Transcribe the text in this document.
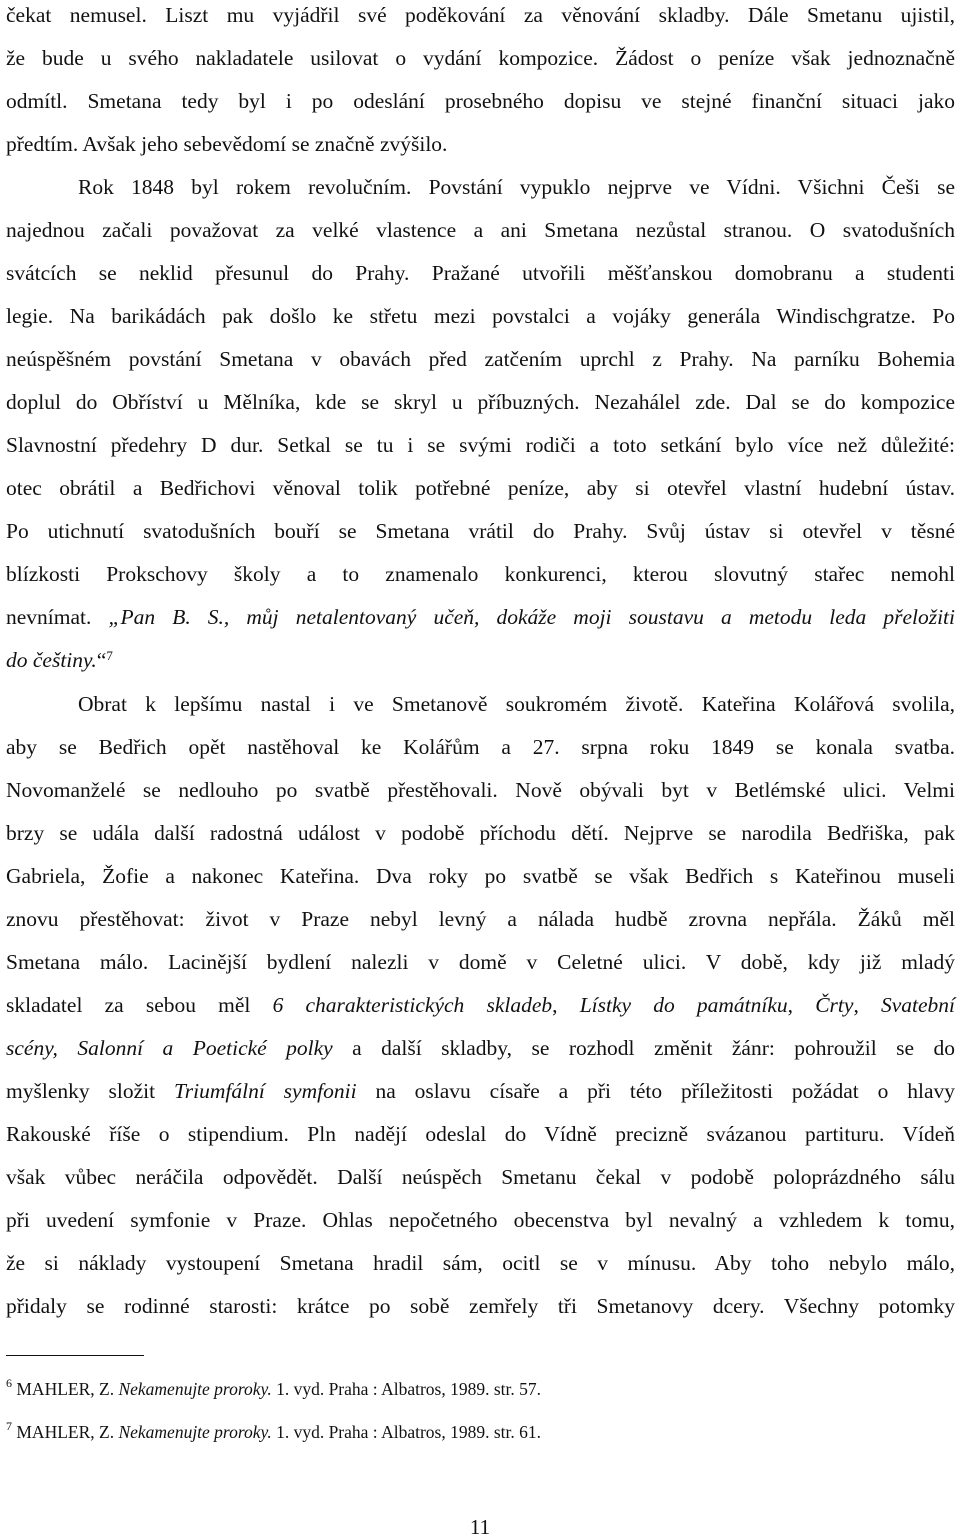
čekat nemusel. Liszt mu vyjádřil své poděkování za věnování skladby. Dále Smetanu ujistil,
že bude u svého nakladatele usilovat o vydání kompozice. Žádost o peníze však jednoznačně
odmítl. Smetana tedy byl i po odeslání prosebného dopisu ve stejné finanční situaci jako
předtím. Avšak jeho sebevědomí se značně zvýšilo.
Rok 1848 byl rokem revolučním. Povstání vypuklo nejprve ve Vídni. Všichni Češi se
najednou začali považovat za velké vlastence a ani Smetana nezůstal stranou. O svatodušních
svátcích se neklid přesunul do Prahy. Pražané utvořili měšťanskou domobranu a studenti
legie. Na barikádách pak došlo ke střetu mezi povstalci a vojáky generála Windischgratze. Po
neúspěšném povstání Smetana v obavách před zatčením uprchl z Prahy. Na parníku Bohemia
doplul do Obříství u Mělníka, kde se skryl u příbuzných. Nezahálel zde. Dal se do kompozice
Slavnostní předehry D dur. Setkal se tu i se svými rodiči a toto setkání bylo více než důležité:
otec obrátil a Bedřichovi věnoval tolik potřebné peníze, aby si otevřel vlastní hudební ústav.
Po utichnutí svatodušních bouří se Smetana vrátil do Prahy. Svůj ústav si otevřel v těsné
blízkosti Prokschovy školy a to znamenalo konkurenci, kterou slovutný stařec nemohl
nevnímat. „Pan B. S., můj netalentovaný učeň, dokáže moji soustavu a metodu leda přeložiti
do češtiny.“$^7$
Obrat k lepšímu nastal i ve Smetanově soukromém životě. Kateřina Kolářová svolila,
aby se Bedřich opět nastěhoval ke Kolářům a 27. srpna roku 1849 se konala svatba.
Novomanželé se nedlouho po svatbě přestěhovali. Nově obývali byt v Betlémské ulici. Velmi
brzy se udála další radostná událost v podobě příchodu dětí. Nejprve se narodila Bedřiška, pak
Gabriela, Žofie a nakonec Kateřina. Dva roky po svatbě se však Bedřich s Kateřinou museli
znovu přestěhovat: život v Praze nebyl levný a nálada hudbě zrovna nepřála. Žáků měl
Smetana málo. Lacinější bydlení nalezli v domě v Celetné ulici. V době, kdy již mladý
skladatel za sebou měl 6 charakteristických skladeb, Lístky do památníku, Črty, Svatební
scény, Salonní a Poetické polky a další skladby, se rozhodl změnit žánr: pohroužil se do
myšlenky složit Triumfální symfonii na oslavu císaře a při této příležitosti požádat o hlavy
Rakouské říše o stipendium. Pln nadějí odeslal do Vídně precizně svázanou partituru. Vídeň
však vůbec neráčila odpovědět. Další neúspěch Smetanu čekal v podobě poloprázdného sálu
při uvedení symfonie v Praze. Ohlas nepočetného obecenstva byl nevalný a vzhledem k tomu,
že si náklady vystoupení Smetana hradil sám, ocitl se v mínusu. Aby toho nebylo málo,
přidaly se rodinné starosti: krátce po sobě zemřely tři Smetanovy dcery. Všechny potomky
$^6$ MAHLER, Z. Nekamenujte proroky. 1. vyd. Praha : Albatros, 1989. str. 57.
$^7$ MAHLER, Z. Nekamenujte proroky. 1. vyd. Praha : Albatros, 1989. str. 61.
11
